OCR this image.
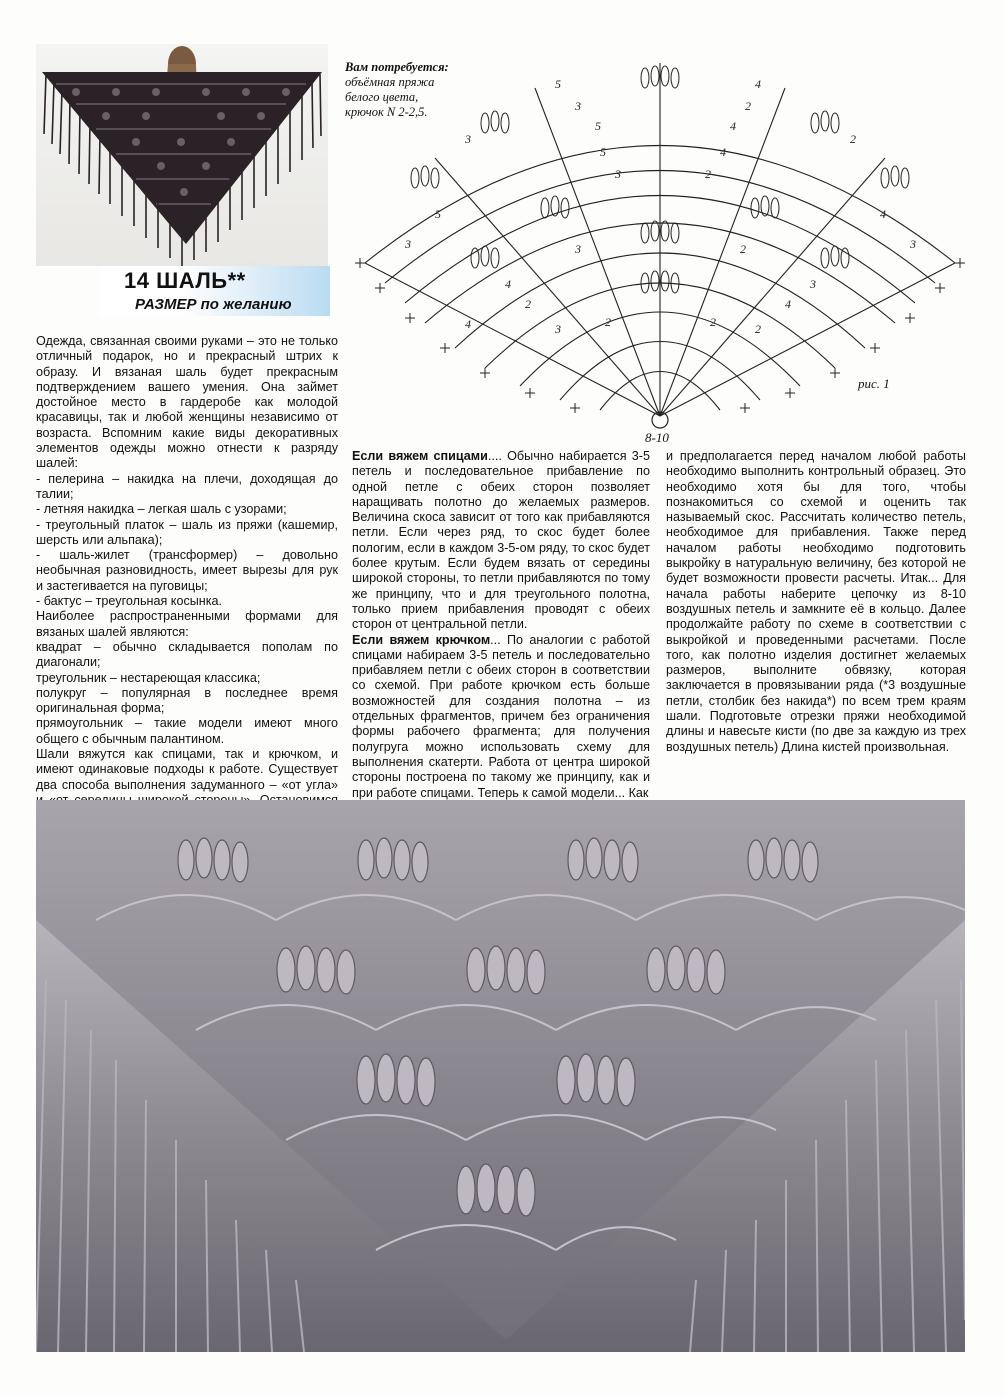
14 ШАЛЬ**
РАЗМЕР по желанию
5	4
3	2
5	4
3	2
5	4
3	2
5	4
3	2
4	3
2	4
3	2
2	2
3	3
4
Вам потребуется:
объёмная пряжа
белого цвета,
крючок N 2-2,5.
рис. 1
8-10

Одежда, связанная своими руками – это не только отличный подарок, но и прекрасный штрих к образу. И вязаная шаль будет прекрасным подтверждением вашего умения. Она займет достойное место в гардеробе как молодой красавицы, так и любой женщины независимо от возраста. Вспомним какие виды декоративных элементов одежды можно отнести к разряду шалей:

- пелерина – накидка на плечи, доходящая до талии;

- летняя накидка – легкая шаль с узорами;

- треугольный платок – шаль из пряжи (кашемир, шерсть или альпака);

- шаль-жилет (трансформер) – довольно необычная разновидность, имеет вырезы для рук и застегивается на пуговицы;

- бактус – треугольная косынка.

Наиболее распространенными формами для вязаных шалей являются:

квадрат – обычно складывается пополам по диагонали;

треугольник – нестареющая классика;

полукруг – популярная в последнее время оригинальная форма;

прямоугольник – такие модели имеют много общего с обычным палантином.

Шали вяжутся как спицами, так и крючком, и имеют одинаковые подходы к работе. Существует два способа выполнения задуманного – «от угла»

Если вяжем спицами.... Обычно набирается 3-5 петель и последовательное прибавление по одной петле с обеих сторон позволяет наращивать полотно до желаемых размеров. Величина скоса зависит от того как прибавляются петли. Если через ряд, то скос будет более пологим, если в каждом 3-5-ом ряду, то скос будет более крутым. Если будем вязать от середины широкой стороны, то петли прибавляются по тому же принципу, что и для треугольного полотна, только прием прибавления проводят с обеих сторон от центральной петли.

Если вяжем крючком... По аналогии с работой спицами набираем 3-5 петель и последовательно прибавляем петли с обеих сторон в соответствии со схемой. При работе крючком есть больше возможностей для создания полотна – из отдельных фрагментов, причем без ограничения формы рабочего фрагмента; для получения полугруга можно использовать схему для выполнения скатерти. Работа от центра широкой стороны построена по такому же принципу, как и при работе спицами. Теперь к самой модели... Как

и предполагается перед началом любой работы необходимо выполнить контрольный образец. Это необходимо хотя бы для того, чтобы познакомиться со схемой и оценить так называемый скос. Рассчитать количество петель, необходимое для прибавления. Также перед началом работы необходимо подготовить выкройку в натуральную величину, без которой не будет возможности провести расчеты. Итак... Для начала работы наберите цепочку из 8-10 воздушных петель и замкните её в кольцо. Далее продолжайте работу по схеме в соответствии с выкройкой и проведенными расчетами. После того, как полотно изделия достигнет желаемых размеров, выполните обвязку, которая заключается в провязывании ряда (*3 воздушные петли, столбик без накида*) по всем трем краям шали. Подготовьте отрезки пряжи необходимой длины и навесьте кисти (по две за каждую из трех воздушных петель) Длина кистей произвольная.
